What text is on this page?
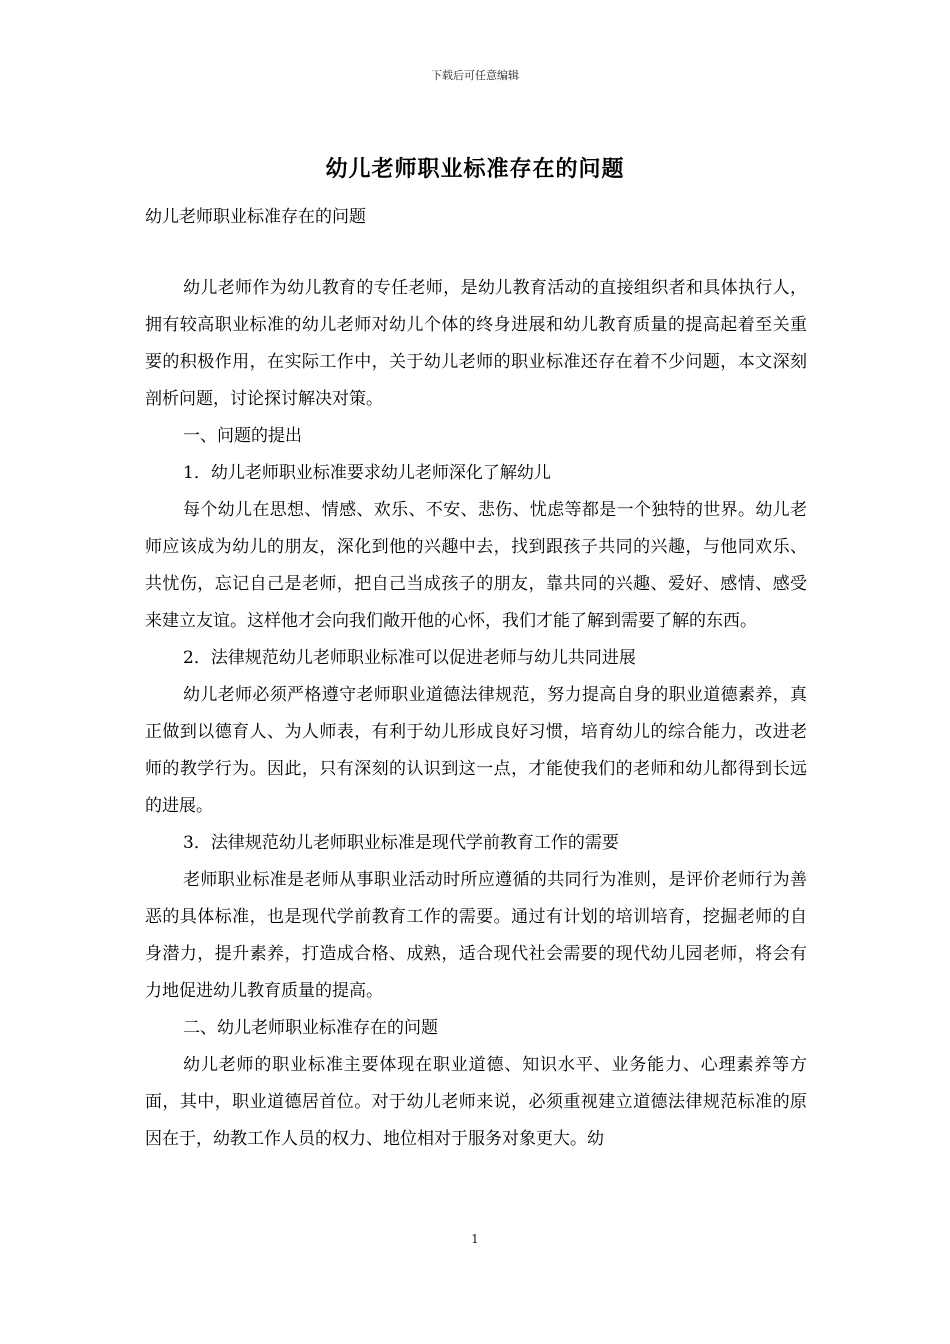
下载后可任意编辑
幼儿老师职业标准存在的问题
幼儿老师职业标准存在的问题

幼儿老师作为幼儿教育的专任老师，是幼儿教育活动的直接组织者和具体执行人，拥有较高职业标准的幼儿老师对幼儿个体的终身进展和幼儿教育质量的提高起着至关重要的积极作用，在实际工作中，关于幼儿老师的职业标准还存在着不少问题，本文深刻剖析问题，讨论探讨解决对策。

一、问题的提出

1．幼儿老师职业标准要求幼儿老师深化了解幼儿

每个幼儿在思想、情感、欢乐、不安、悲伤、忧虑等都是一个独特的世界。幼儿老师应该成为幼儿的朋友，深化到他的兴趣中去，找到跟孩子共同的兴趣，与他同欢乐、共忧伤，忘记自己是老师，把自己当成孩子的朋友，靠共同的兴趣、爱好、感情、感受来建立友谊。这样他才会向我们敞开他的心怀，我们才能了解到需要了解的东西。

2．法律规范幼儿老师职业标准可以促进老师与幼儿共同进展

幼儿老师必须严格遵守老师职业道德法律规范，努力提高自身的职业道德素养，真正做到以德育人、为人师表，有利于幼儿形成良好习惯，培育幼儿的综合能力，改进老师的教学行为。因此，只有深刻的认识到这一点，才能使我们的老师和幼儿都得到长远的进展。

3．法律规范幼儿老师职业标准是现代学前教育工作的需要

老师职业标准是老师从事职业活动时所应遵循的共同行为准则，是评价老师行为善恶的具体标准，也是现代学前教育工作的需要。通过有计划的培训培育，挖掘老师的自身潜力，提升素养，打造成合格、成熟，适合现代社会需要的现代幼儿园老师，将会有力地促进幼儿教育质量的提高。

二、幼儿老师职业标准存在的问题

幼儿老师的职业标准主要体现在职业道德、知识水平、业务能力、心理素养等方面，其中，职业道德居首位。对于幼儿老师来说，必须重视建立道德法律规范标准的原因在于，幼教工作人员的权力、地位相对于服务对象更大。幼

1
